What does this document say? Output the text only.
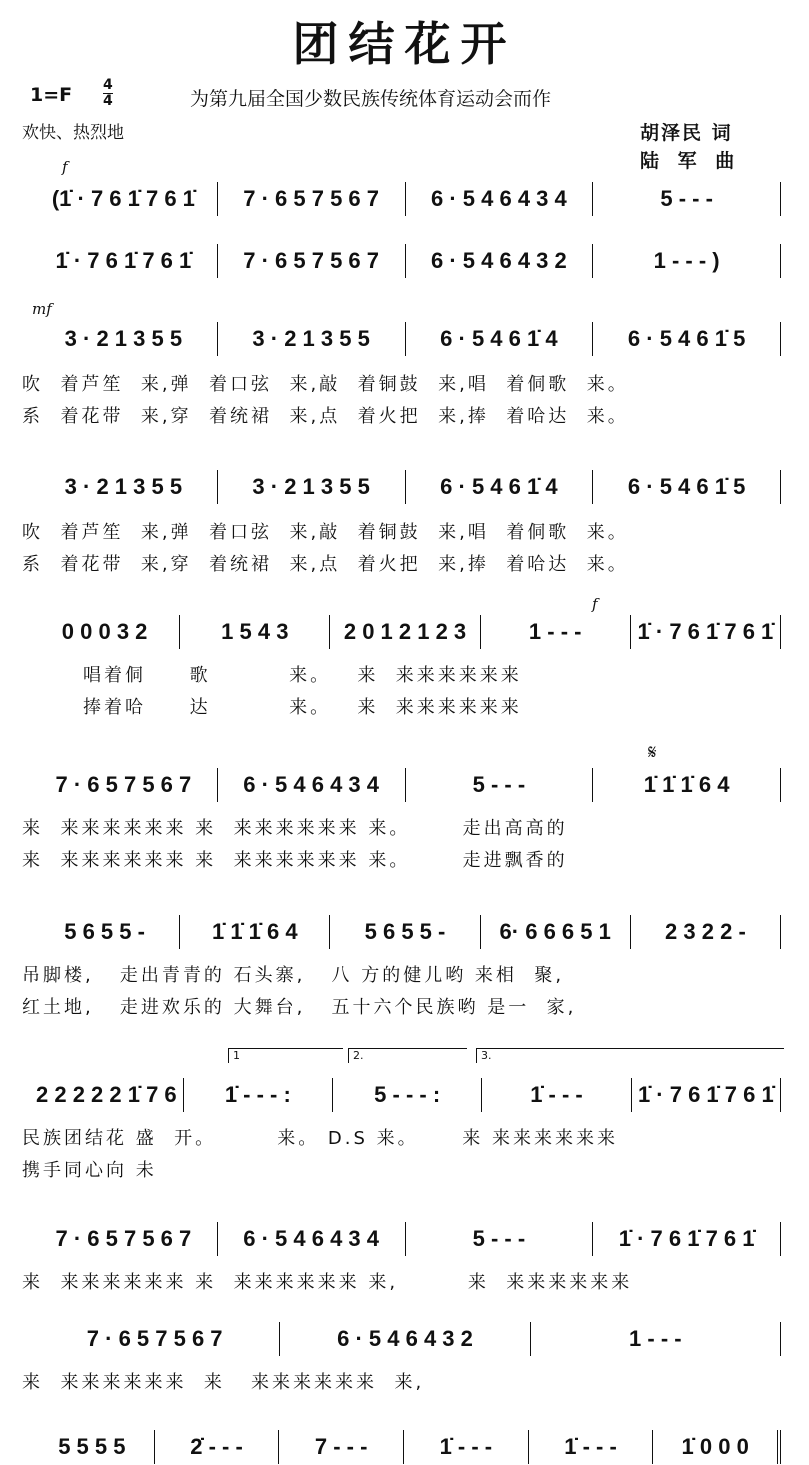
团结花开
1=F 4
4	为第九届全国少数民族传统体育运动会而作
欢快、热烈地	胡泽民 词
陆 军 曲
f
mf
f
𝄋
1	2.	3.
(1̇ · 7 6 1̇ 7 6 1̇	7 · 6 5 7 5 6 7	6 · 5 4 6 4 3 4	5 - - -
1̇ · 7 6 1̇ 7 6 1̇	7 · 6 5 7 5 6 7	6 · 5 4 6 4 3 2	1 - - - )
3 · 2 1 3 5 5	3 · 2 1 3 5 5	6 · 5 4 6 1̇ 4	6 · 5 4 6 1̇ 5
吹  着芦笙  来,弹  着口弦  来,敲  着铜鼓  来,唱  着侗歌  来。
系  着花带  来,穿  着统裙  来,点  着火把  来,捧  着哈达  来。
3 · 2 1 3 5 5	3 · 2 1 3 5 5	6 · 5 4 6 1̇ 4	6 · 5 4 6 1̇ 5
吹  着芦笙  来,弹  着口弦  来,敲  着铜鼓  来,唱  着侗歌  来。
系  着花带  来,穿  着统裙  来,点  着火把  来,捧  着哈达  来。
0 0 0 3 2	1 5 4 3	2 0 1 2 1 2 3	1 - - -	1̇ · 7 6 1̇ 7 6 1̇
唱着侗     歌         来。   来  来来来来来来
捧着哈     达         来。   来  来来来来来来
7 · 6 5 7 5 6 7	6 · 5 4 6 4 3 4	5 - - -	1̇ 1̇ 1̇ 6 4
来  来来来来来来 来  来来来来来来 来。      走出高高的
来  来来来来来来 来  来来来来来来 来。      走进飘香的
5 6 5 5 -	1̇ 1̇ 1̇ 6 4	5 6 5 5 -	6· 6 6 6 5 1	2 3 2 2 -
吊脚楼,   走出青青的 石头寨,   八 方的健儿哟 来相  聚,
红土地,   走进欢乐的 大舞台,   五十六个民族哟 是一  家,
2 2 2 2 2 1̇ 7 6	1̇ - - - :	5 - - - :	1̇ - - -	1̇ · 7 6 1̇ 7 6 1̇
民族团结花 盛  开。       来。 D.S 来。     来 来来来来来来
携手同心向 未
7 · 6 5 7 5 6 7	6 · 5 4 6 4 3 4	5 - - -	1̇ · 7 6 1̇ 7 6 1̇
来  来来来来来来 来  来来来来来来 来,        来  来来来来来来
7 · 6 5 7 5 6 7	6 · 5 4 6 4 3 2	1 - - -
来  来来来来来来  来   来来来来来来  来,
5 5 5 5	2̇ - - -	7 - - -	1̇ - - -	1̇ - - -	1̇ 0 0 0
